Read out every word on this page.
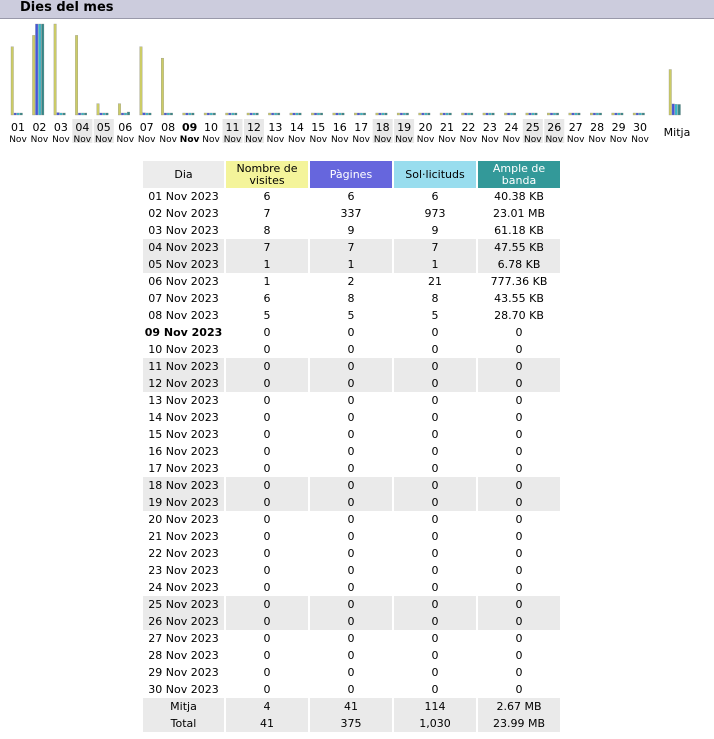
Dies del mes
01
Nov
02
Nov
03
Nov
04
Nov
05
Nov
06
Nov
07
Nov
08
Nov
09
Nov
10
Nov
11
Nov
12
Nov
13
Nov
14
Nov
15
Nov
16
Nov
17
Nov
18
Nov
19
Nov
20
Nov
21
Nov
22
Nov
23
Nov
24
Nov
25
Nov
26
Nov
27
Nov
28
Nov
29
Nov
30
Nov
Mitja
Dia	Nombre de visites	Pàgines	Sol·licituds	Ample de banda
01 Nov 2023	6	6	6	40.38 KB
02 Nov 2023	7	337	973	23.01 MB
03 Nov 2023	8	9	9	61.18 KB
04 Nov 2023	7	7	7	47.55 KB
05 Nov 2023	1	1	1	6.78 KB
06 Nov 2023	1	2	21	777.36 KB
07 Nov 2023	6	8	8	43.55 KB
08 Nov 2023	5	5	5	28.70 KB
09 Nov 2023	0	0	0	0
10 Nov 2023	0	0	0	0
11 Nov 2023	0	0	0	0
12 Nov 2023	0	0	0	0
13 Nov 2023	0	0	0	0
14 Nov 2023	0	0	0	0
15 Nov 2023	0	0	0	0
16 Nov 2023	0	0	0	0
17 Nov 2023	0	0	0	0
18 Nov 2023	0	0	0	0
19 Nov 2023	0	0	0	0
20 Nov 2023	0	0	0	0
21 Nov 2023	0	0	0	0
22 Nov 2023	0	0	0	0
23 Nov 2023	0	0	0	0
24 Nov 2023	0	0	0	0
25 Nov 2023	0	0	0	0
26 Nov 2023	0	0	0	0
27 Nov 2023	0	0	0	0
28 Nov 2023	0	0	0	0
29 Nov 2023	0	0	0	0
30 Nov 2023	0	0	0	0
Mitja	4	41	114	2.67 MB
Total	41	375	1,030	23.99 MB
